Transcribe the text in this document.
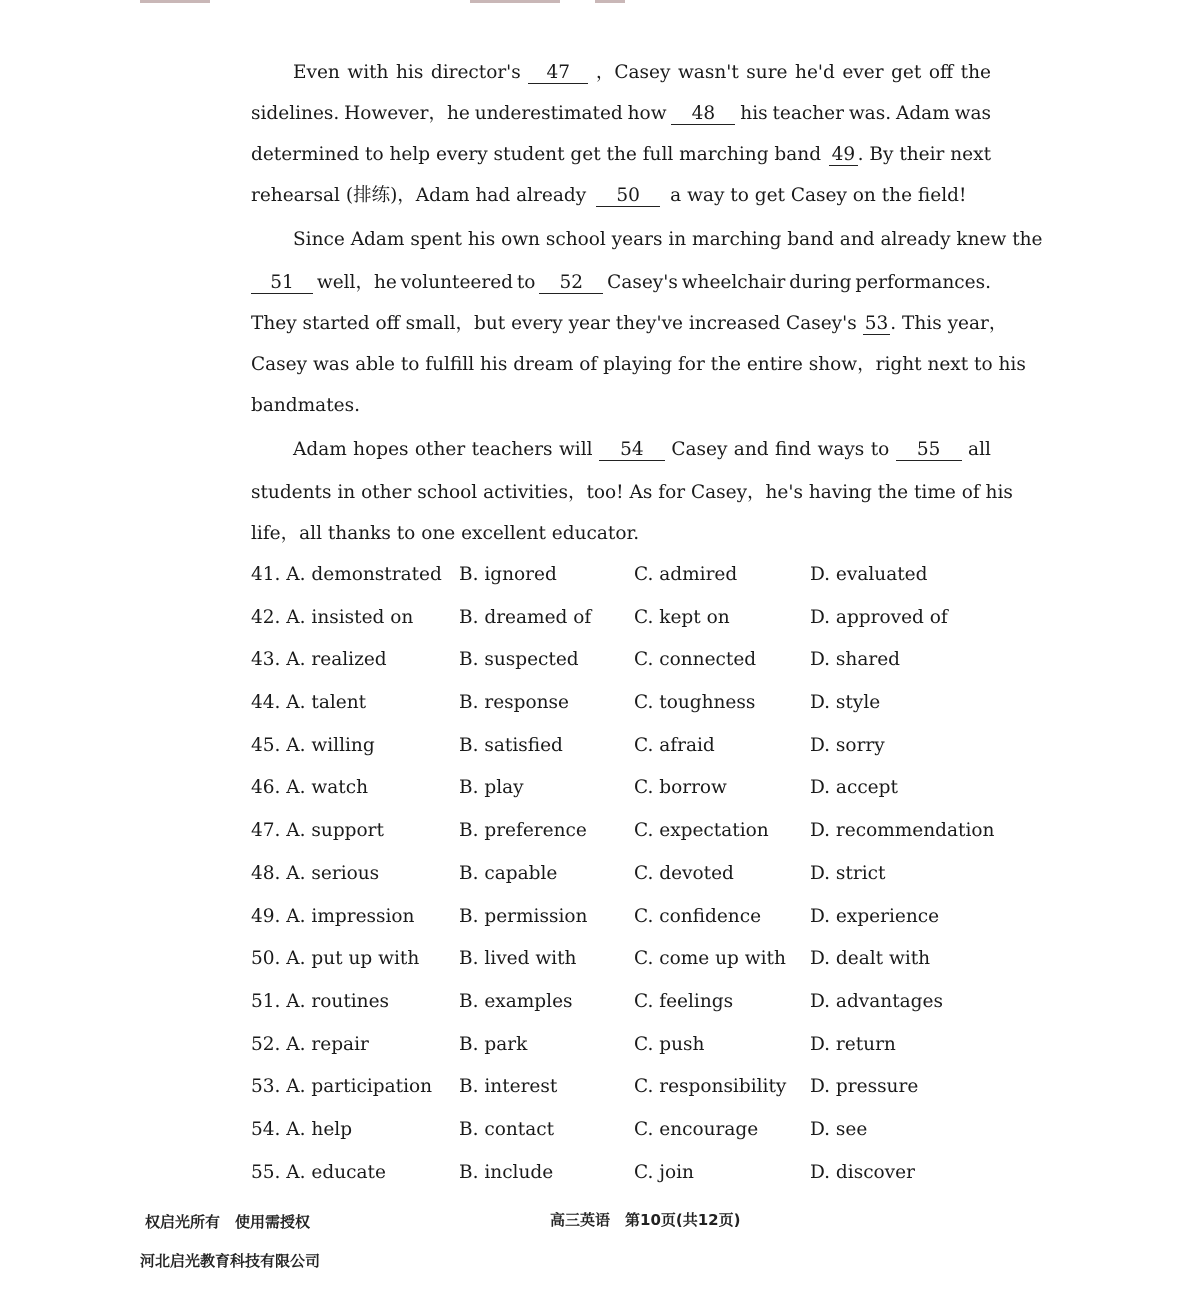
Even with his director's	47	，Casey wasn't sure he'd ever get off the
sidelines. However，he underestimated how	48	his teacher was. Adam was
determined to help every student get the full marching band 49 . By their next
rehearsal (排练)，Adam had already	50	a way to get Casey on the field!
Since Adam spent his own school years in marching band and already knew the
51	well，he volunteered to	52	Casey's wheelchair during performances.
They started off small，but every year they've increased Casey's 53 . This year，
Casey was able to fulfill his dream of playing for the entire show，right next to his
bandmates.
Adam hopes other teachers will	54	Casey and find ways to	55	all
students in other school activities，too! As for Casey，he's having the time of his
life，all thanks to one excellent educator.
41. A. demonstrated B. ignored	C. admired	D. evaluated
42. A. insisted on B. dreamed of C. kept on	D. approved of
43. A. realized	B. suspected	C. connected	D. shared
44. A. talent	B. response	C. toughness	D. style
45. A. willing	B. satisfied	C. afraid	D. sorry
46. A. watch	B. play	C. borrow	D. accept
47. A. support	B. preference	C. expectation D. recommendation
48. A. serious	B. capable	C. devoted	D. strict
49. A. impression B. permission	C. confidence	D. experience
50. A. put up with B. lived with	C. come up with D. dealt with
51. A. routines	B. examples	C. feelings	D. advantages
52. A. repair	B. park	C. push	D. return
53. A. participation B. interest	C. responsibility D. pressure
54. A. help	B. contact	C. encourage	D. see
55. A. educate	B. include	C. join	D. discover
权启光所有　使用需授权	高三英语　第10页(共12页)
河北启光教育科技有限公司
